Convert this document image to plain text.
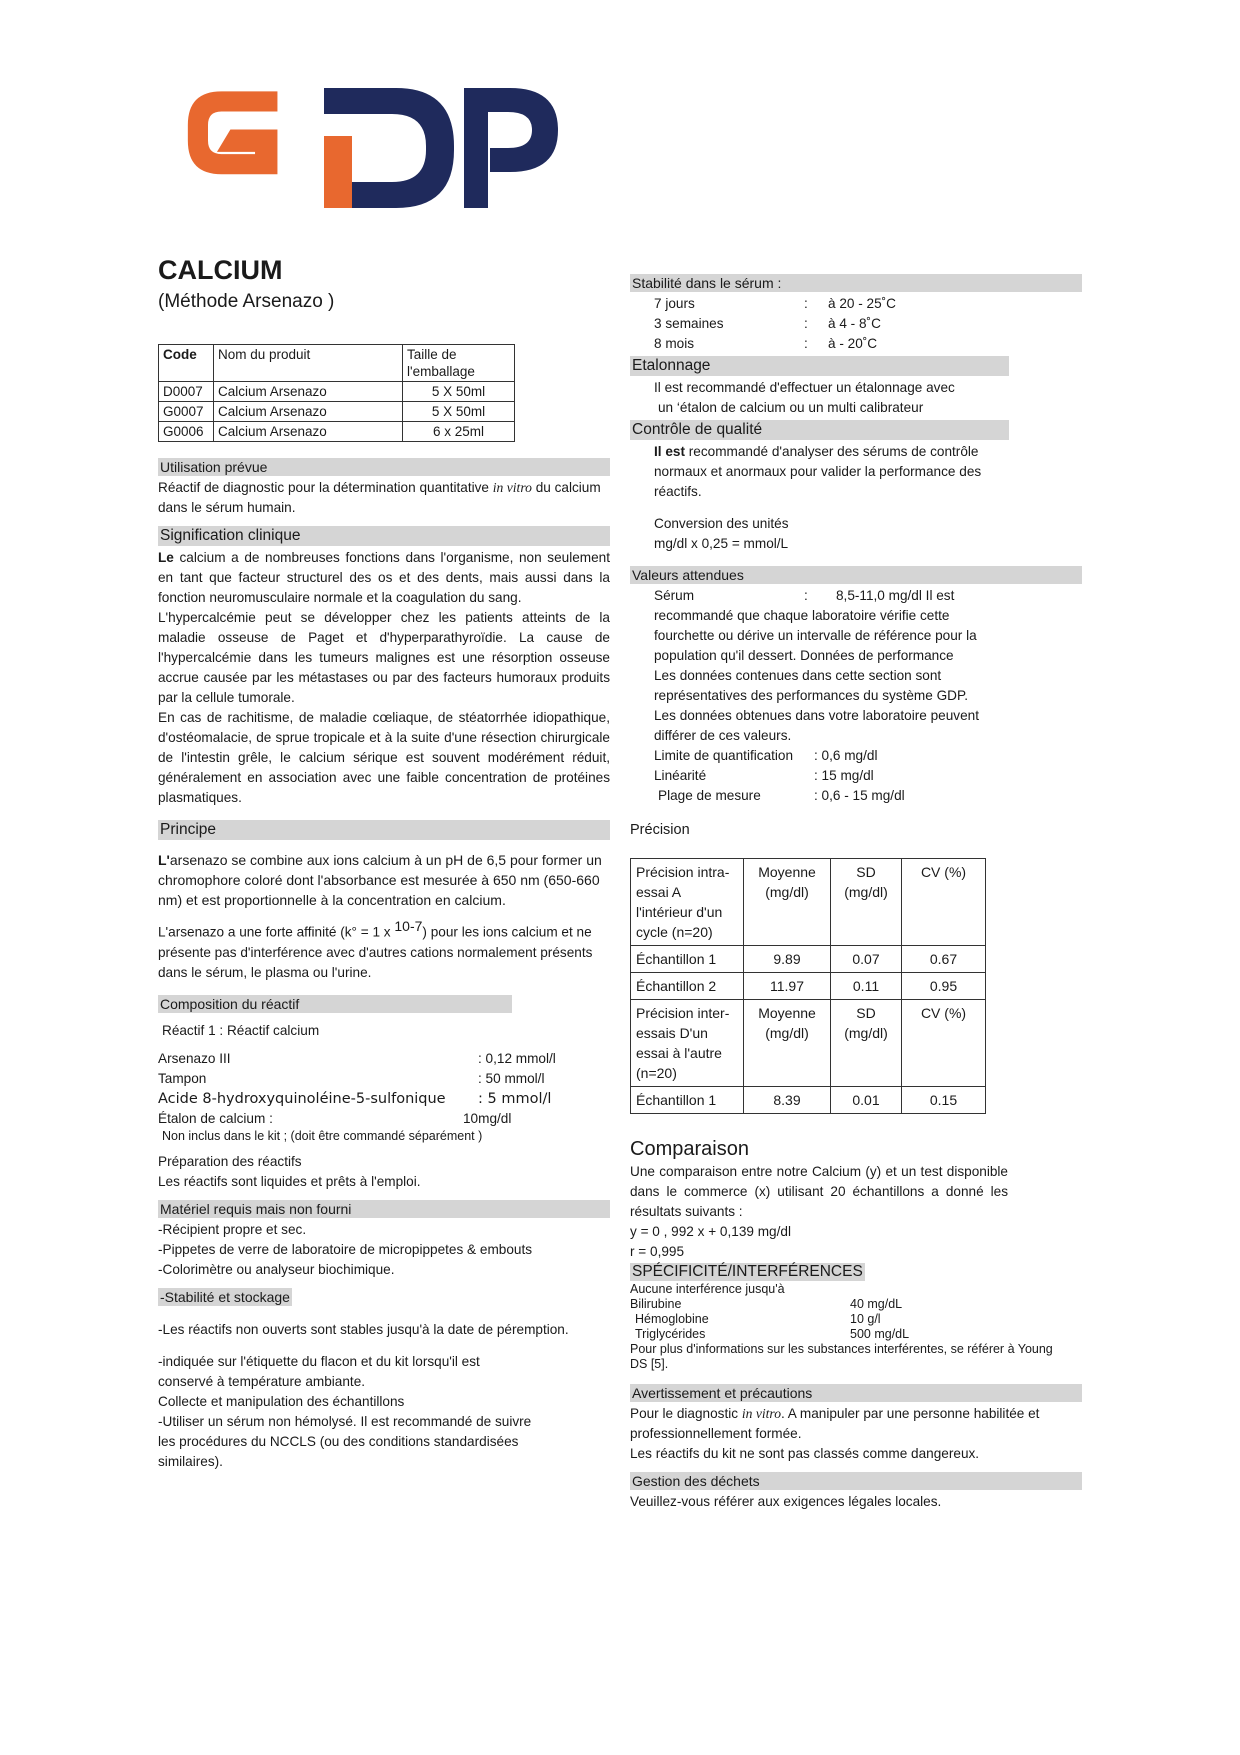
CALCIUM
(Méthode Arsenazo )
Code	Nom du produit	Taille de l'emballage
D0007	Calcium Arsenazo	5 X 50ml
G0007	Calcium Arsenazo	5 X 50ml
G0006	Calcium Arsenazo	6 x 25ml
Utilisation prévue

Réactif de diagnostic pour la détermination quantitative in vitro du calcium dans le sérum humain.

Signification clinique

Le calcium a de nombreuses fonctions dans l'organisme, non seulement en tant que facteur structurel des os et des dents, mais aussi dans la fonction neuromusculaire normale et la coagulation du sang.

L'hypercalcémie peut se développer chez les patients atteints de la maladie osseuse de Paget et d'hyperparathyroïdie. La cause de l'hypercalcémie dans les tumeurs malignes est une résorption osseuse accrue causée par les métastases ou par des facteurs humoraux produits par la cellule tumorale.

En cas de rachitisme, de maladie cœliaque, de stéatorrhée idiopathique, d'ostéomalacie, de sprue tropicale et à la suite d'une résection chirurgicale de l'intestin grêle, le calcium sérique est souvent modérément réduit, généralement en association avec une faible concentration de protéines plasmatiques.

Principe

L'arsenazo se combine aux ions calcium à un pH de 6,5 pour former un chromophore coloré dont l'absorbance est mesurée à 650 nm (650-660 nm) et est proportionnelle à la concentration en calcium.

L'arsenazo a une forte affinité (k° = 1 x $^{10-7}$) pour les ions calcium et ne présente pas d'interférence avec d'autres cations normalement présents dans le sérum, le plasma ou l'urine.

Composition du réactif

Réactif 1 : Réactif calcium

Arsenazo III	: 0,12 mmol/l
Tampon	: 50 mmol/l
Acide 8-hydroxyquinoléine-5-sulfonique	: 5 mmol/l
Étalon de calcium :	10mg/dl

Non inclus dans le kit ; (doit être commandé séparément )

Préparation des réactifs

Les réactifs sont liquides et prêts à l'emploi.

Matériel requis mais non fourni

-Récipient propre et sec.

-Pippetes de verre de laboratoire de micropippetes & embouts

-Colorimètre ou analyseur biochimique.

-Stabilité et stockage

-Les réactifs non ouverts sont stables jusqu'à la date de péremption.

-indiquée sur l'étiquette du flacon et du kit lorsqu'il est conservé à température ambiante.

Collecte et manipulation des échantillons

-Utiliser un sérum non hémolysé. Il est recommandé de suivre les procédures du NCCLS (ou des conditions standardisées similaires).

Stabilité dans le sérum :
7 jours	:	à 20 - 25˚C
3 semaines	:	à 4 - 8˚C
8 mois	:	à - 20˚C
Etalonnage

Il est recommandé d'effectuer un étalonnage avec

un ‘étalon de calcium ou un multi calibrateur

Contrôle de qualité

Il est recommandé d'analyser des sérums de contrôle normaux et anormaux pour valider la performance des réactifs.

Conversion des unités

mg/dl x 0,25 = mmol/L

Valeurs attendues
Sérum	:	8,5-11,0 mg/dl Il est

recommandé que chaque laboratoire vérifie cette fourchette ou dérive un intervalle de référence pour la population qu'il dessert. Données de performance

Les données contenues dans cette section sont représentatives des performances du système GDP.

Les données obtenues dans votre laboratoire peuvent différer de ces valeurs.

Limite de quantification	: 0,6 mg/dl
Linéarité	: 15 mg/dl
Plage de mesure	: 0,6 - 15 mg/dl

Précision

Précision intra-essai A l'intérieur d'un cycle (n=20)	Moyenne (mg/dl)	SD (mg/dl)	CV (%)
Échantillon 1	9.89	0.07	0.67
Échantillon 2	11.97	0.11	0.95
Précision inter-essais D'un essai à l'autre (n=20)	Moyenne (mg/dl)	SD (mg/dl)	CV (%)
Échantillon 1	8.39	0.01	0.15

Comparaison

Une comparaison entre notre Calcium (y) et un test disponible dans le commerce (x) utilisant 20 échantillons a donné les résultats suivants :

y = 0 , 992 x + 0,139 mg/dl

r = 0,995

SPÉCIFICITÉ/INTERFÉRENCES

Aucune interférence jusqu'à

Bilirubine	40 mg/dL
Hémoglobine	10 g/l
Triglycérides	500 mg/dL

Pour plus d'informations sur les substances interférentes, se référer à Young DS [5].

Avertissement et précautions

Pour le diagnostic in vitro. A manipuler par une personne habilitée et professionnellement formée.

Les réactifs du kit ne sont pas classés comme dangereux.

Gestion des déchets

Veuillez-vous référer aux exigences légales locales.
